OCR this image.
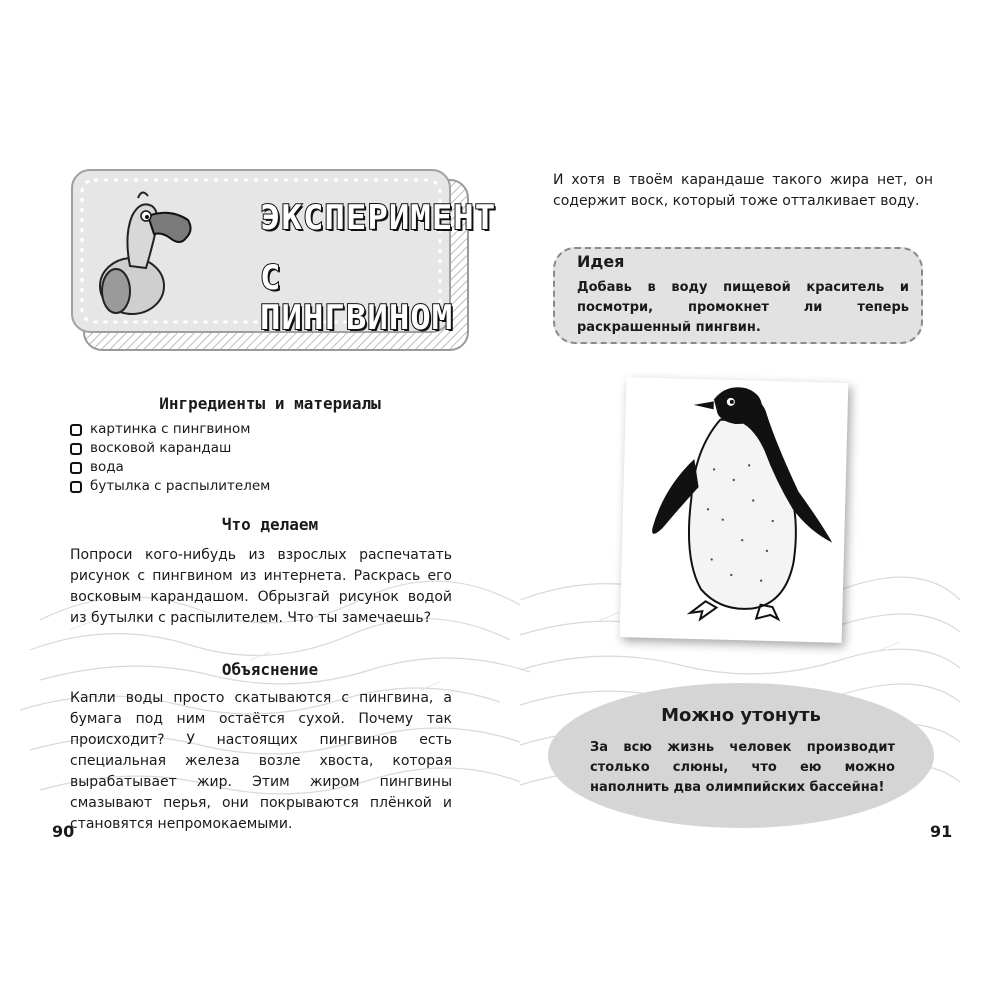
ЭКСПЕРИМЕНТ
С ПИНГВИНОМ
Ингредиенты и материалы
картинка с пингвином
восковой карандаш
вода
бутылка с распылителем
Что делаем
Попроси кого-нибудь из взрослых распечатать рисунок с пингвином из интернета. Раскрась его восковым карандашом. Обрызгай рисунок водой из бутылки с распылителем. Что ты замечаешь?
Объяснение
Капли воды просто скатываются с пингвина, а бумага под ним остаётся сухой. Почему так происходит? У настоящих пингвинов есть специальная железа возле хвоста, которая вырабатывает жир. Этим жиром пингвины смазывают перья, они покрываются плёнкой и становятся непромокаемыми.
90
И хотя в твоём карандаше такого жира нет, он содержит воск, который тоже отталкивает воду.
Идея
Добавь в воду пищевой краситель и посмотри, промокнет ли теперь раскрашенный пингвин.
Можно утонуть
За всю жизнь человек производит столько слюны, что ею можно наполнить два олимпийских бассейна!
91
